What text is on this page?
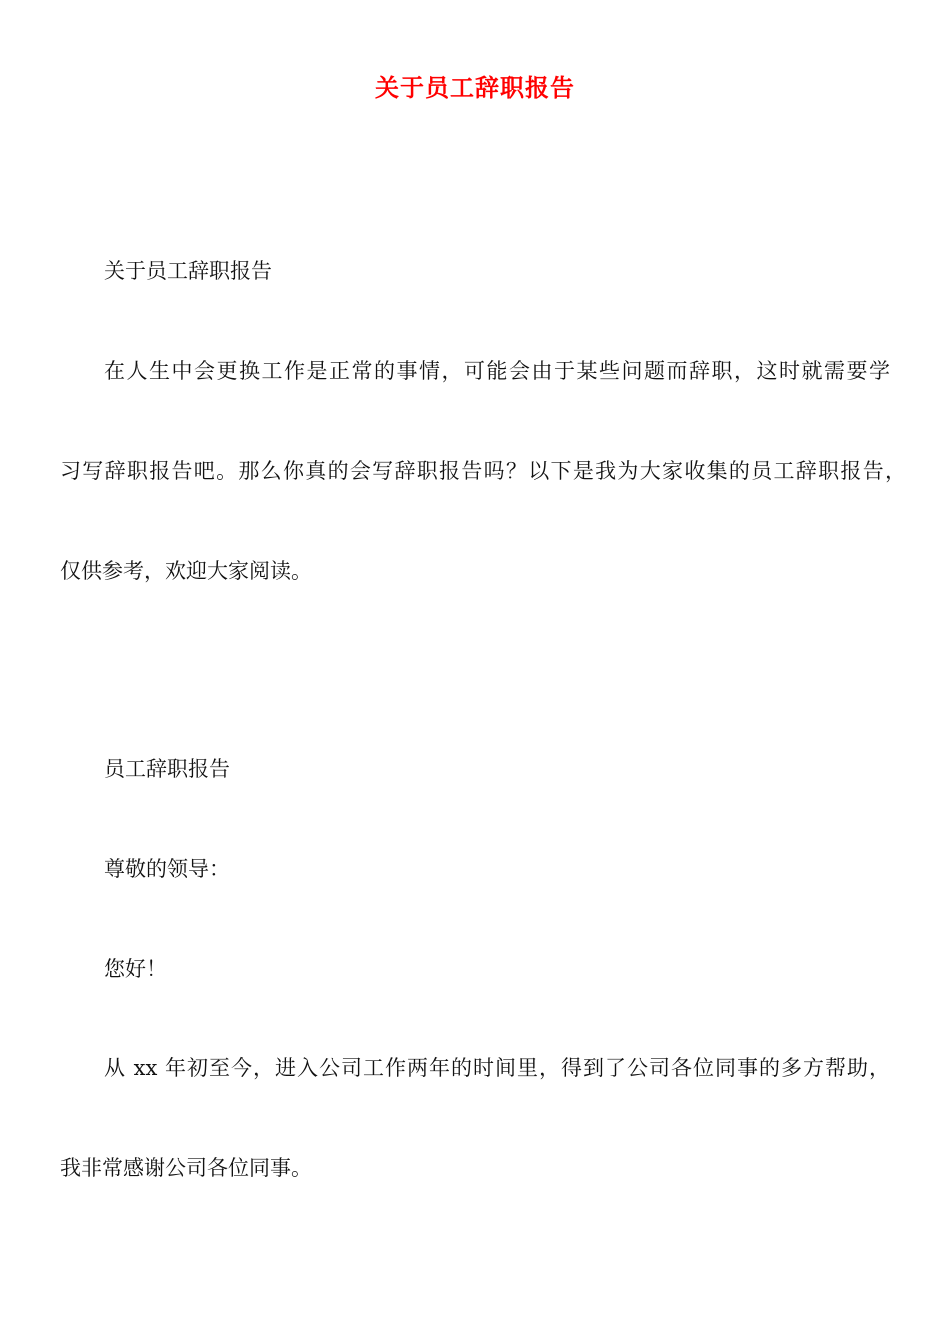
关于员工辞职报告
关于员工辞职报告
在人生中会更换工作是正常的事情，可能会由于某些问题而辞职，这时就需要学
习写辞职报告吧。那么你真的会写辞职报告吗？以下是我为大家收集的员工辞职报告，
仅供参考，欢迎大家阅读。
员工辞职报告
尊敬的领导：
您好！
从 xx 年初至今，进入公司工作两年的时间里，得到了公司各位同事的多方帮助，
我非常感谢公司各位同事。
